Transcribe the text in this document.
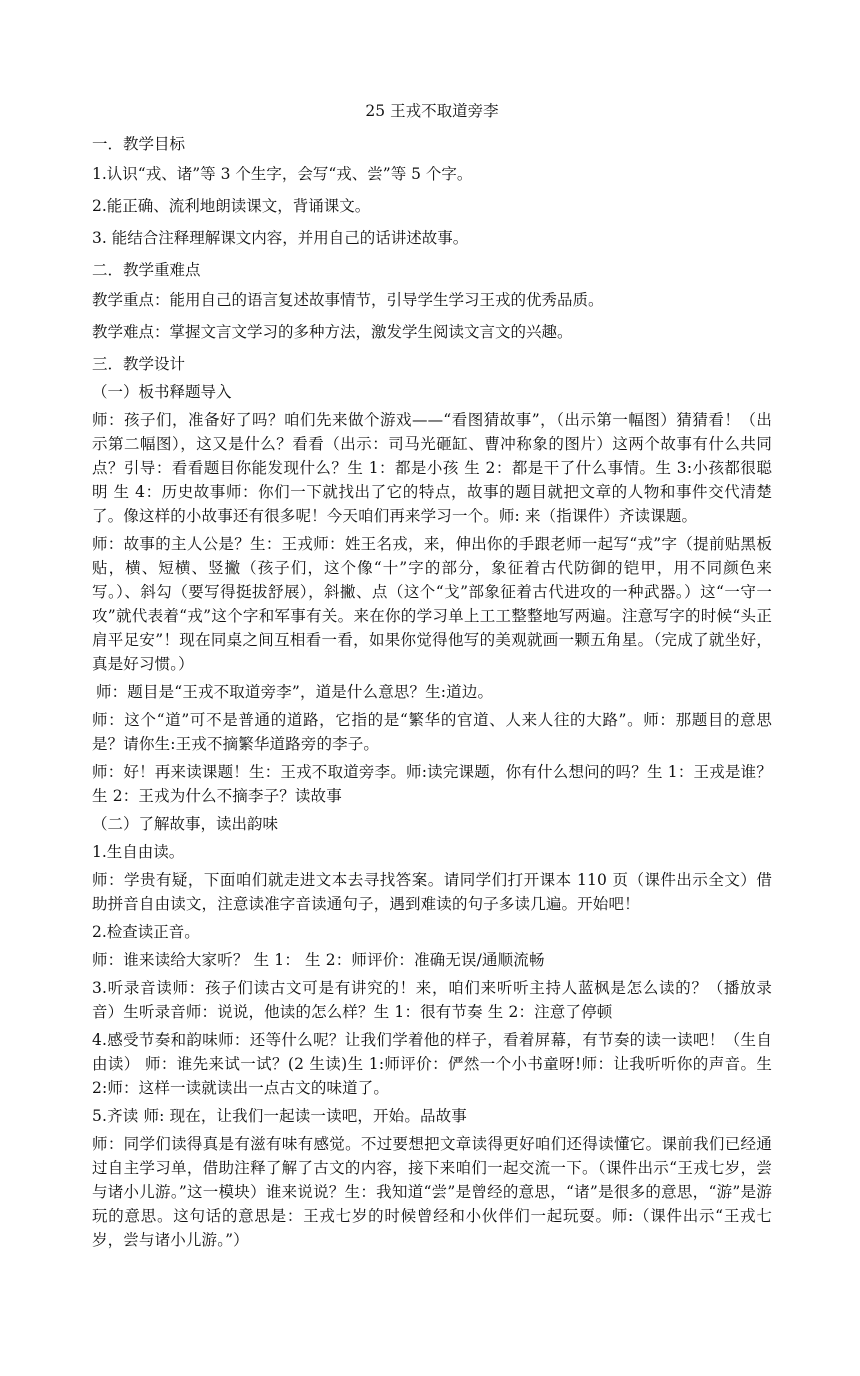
25 王戎不取道旁李
一．教学目标
1.认识“戎、诸”等 3 个生字，会写“戎、尝”等 5 个字。
2.能正确、流利地朗读课文，背诵课文。
3. 能结合注释理解课文内容，并用自己的话讲述故事。
二．教学重难点
教学重点：能用自己的语言复述故事情节，引导学生学习王戎的优秀品质。
教学难点：掌握文言文学习的多种方法，激发学生阅读文言文的兴趣。
三．教学设计
（一）板书释题导入

师：孩子们，准备好了吗？咱们先来做个游戏——“看图猜故事”，（出示第一幅图）猜猜看！（出示第二幅图），这又是什么？看看（出示：司马光砸缸、曹冲称象的图片）这两个故事有什么共同点？引导：看看题目你能发现什么？生 1：都是小孩 生 2：都是干了什么事情。生 3:小孩都很聪明 生 4：历史故事师：你们一下就找出了它的特点，故事的题目就把文章的人物和事件交代清楚了。像这样的小故事还有很多呢！今天咱们再来学习一个。师: 来（指课件）齐读课题。

师：故事的主人公是？生：王戎师：姓王名戎，来，伸出你的手跟老师一起写“戎”字（提前贴黑板贴，横、短横、竖撇（孩子们，这个像“十”字的部分，象征着古代防御的铠甲，用不同颜色来写。）、斜勾（要写得挺拔舒展），斜撇、点（这个“戈”部象征着古代进攻的一种武器。）这“一守一攻”就代表着“戎”这个字和军事有关。来在你的学习单上工工整整地写两遍。注意写字的时候“头正肩平足安”！现在同桌之间互相看一看，如果你觉得他写的美观就画一颗五角星。（完成了就坐好，真是好习惯。）

师：题目是“王戎不取道旁李”，道是什么意思？生:道边。

师：这个“道”可不是普通的道路，它指的是“繁华的官道、人来人往的大路”。师：那题目的意思是？请你生:王戎不摘繁华道路旁的李子。

师：好！再来读课题！生：王戎不取道旁李。师:读完课题，你有什么想问的吗？生 1：王戎是谁？ 生 2：王戎为什么不摘李子？读故事

（二）了解故事，读出韵味
1.生自由读。

师：学贵有疑，下面咱们就走进文本去寻找答案。请同学们打开课本 110 页（课件出示全文）借助拼音自由读文，注意读准字音读通句子，遇到难读的句子多读几遍。开始吧！

2.检查读正音。

师：谁来读给大家听？ 生 1： 生 2：师评价：准确无误/通顺流畅

3.听录音读师：孩子们读古文可是有讲究的！来，咱们来听听主持人蓝枫是怎么读的？（播放录音）生听录音师：说说，他读的怎么样？生 1：很有节奏 生 2：注意了停顿

4.感受节奏和韵味师：还等什么呢？让我们学着他的样子，看着屏幕，有节奏的读一读吧！（生自由读） 师：谁先来试一试？(2 生读)生 1:师评价：俨然一个小书童呀!师：让我听听你的声音。生 2:师：这样一读就读出一点古文的味道了。

5.齐读 师: 现在，让我们一起读一读吧，开始。品故事

师：同学们读得真是有滋有味有感觉。不过要想把文章读得更好咱们还得读懂它。课前我们已经通过自主学习单，借助注释了解了古文的内容，接下来咱们一起交流一下。（课件出示“王戎七岁，尝与诸小儿游。”这一模块）谁来说说？生：我知道“尝”是曾经的意思，“诸”是很多的意思，“游”是游玩的意思。这句话的意思是：王戎七岁的时候曾经和小伙伴们一起玩耍。师:（课件出示“王戎七岁，尝与诸小儿游。”）
